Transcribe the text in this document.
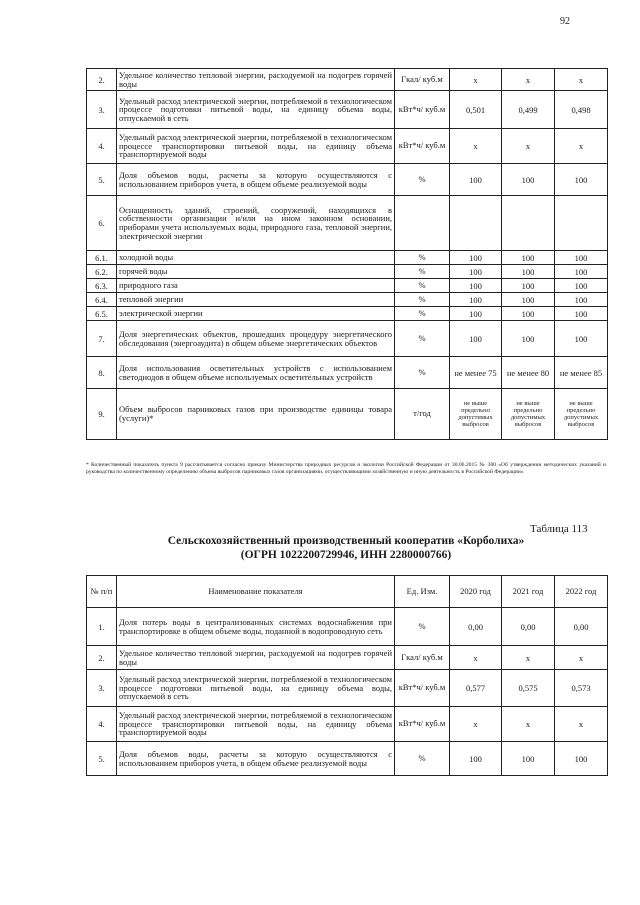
92
2.	Удельное количество тепловой энергии, расходуемой на подогрев горячей воды	Гкал/ куб.м	x	x	x
3.	Удельный расход электрической энергии, потребляемой в технологическом процессе подготовки питьевой воды, на единицу объема воды, отпускаемой в сеть	кВт*ч/ куб.м	0,501	0,499	0,498
4.	Удельный расход электрической энергии, потребляемой в технологическом процессе транспортировки питьевой воды, на единицу объема транспортируемой воды	кВт*ч/ куб.м	x	x	x
5.	Доля объемов воды, расчеты за которую осуществляются с использованием приборов учета, в общем объеме реализуемой воды	%	100	100	100
6.	Оснащенность зданий, строений, сооружений, находящихся в собственности организации и/или на ином законном основании, приборами учета используемых воды, природного газа, тепловой энергии, электрической энергии				
6.1.	холодной воды	%	100	100	100
6.2.	горячей воды	%	100	100	100
6.3.	природного газа	%	100	100	100
6.4.	тепловой энергии	%	100	100	100
6.5.	электрической энергии	%	100	100	100
7.	Доля энергетических объектов, прошедших процедуру энергетического обследования (энергоаудита) в общем объеме энергетических объектов	%	100	100	100
8.	Доля использования осветительных устройств с использованием светодиодов в общем объеме используемых осветительных устройств	%	не менее 75	не менее 80	не менее 85
9.	Объем выбросов парниковых газов при производстве единицы товара (услуги)*	т/год	не выше предельно допустимых выбросов	не выше предельно допустимых выбросов	не выше предельно допустимых выбросов
* Количественный показатель пункта 9 рассчитывается согласно приказу Министерства природных ресурсов и экологии Российской Федерации от 30.06.2015 № 300 «Об утверждении методических указаний и руководства по количественному определению объема выбросов парниковых газов организациями, осуществляющими хозяйственную и иную деятельность в Российской Федерации»
Таблица 113
Сельскохозяйственный производственный кооператив «Корболиха»
(ОГРН 1022200729946, ИНН 2280000766)
№ п/п	Наименование показателя	Ед. Изм.	2020 год	2021 год	2022 год
1.	Доля потерь воды в централизованных системах водоснабжения при транспортировке в общем объеме воды, поданной в водопроводную сеть	%	0,00	0,00	0,00
2.	Удельное количество тепловой энергии, расходуемой на подогрев горячей воды	Гкал/ куб.м	x	x	x
3.	Удельный расход электрической энергии, потребляемой в технологическом процессе подготовки питьевой воды, на единицу объема воды, отпускаемой в сеть	кВт*ч/ куб.м	0,577	0,575	0,573
4.	Удельный расход электрической энергии, потребляемой в технологическом процессе транспортировки питьевой воды, на единицу объема транспортируемой воды	кВт*ч/ куб.м	x	x	x
5.	Доля объемов воды, расчеты за которую осуществляются с использованием приборов учета, в общем объеме реализуемой воды	%	100	100	100
